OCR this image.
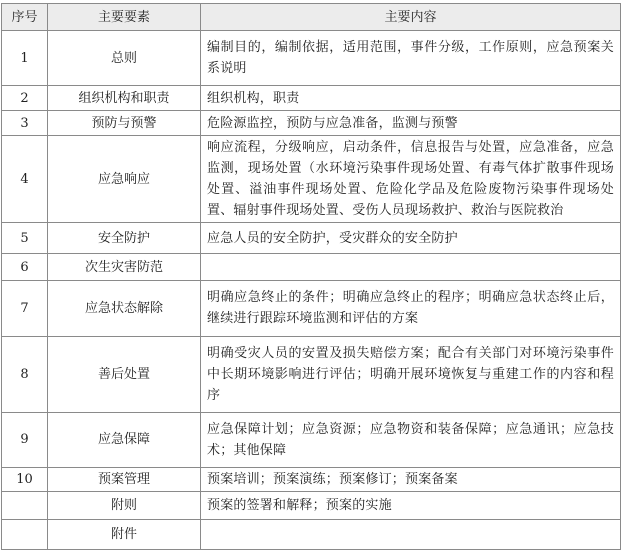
序号	主要要素	主要内容
1	总则	编制目的，编制依据，适用范围，事件分级，工作原则，应急预案关系说明
2	组织机构和职责	组织机构，职责
3	预防与预警	危险源监控，预防与应急准备，监测与预警
4	应急响应	响应流程，分级响应，启动条件，信息报告与处置，应急准备，应急监测，现场处置（水环境污染事件现场处置、有毒气体扩散事件现场处置、溢油事件现场处置、危险化学品及危险废物污染事件现场处置、辐射事件现场处置、受伤人员现场救护、救治与医院救治
5	安全防护	应急人员的安全防护，受灾群众的安全防护
6	次生灾害防范	
7	应急状态解除	明确应急终止的条件；明确应急终止的程序；明确应急状态终止后，继续进行跟踪环境监测和评估的方案
8	善后处置	明确受灾人员的安置及损失赔偿方案；配合有关部门对环境污染事件中长期环境影响进行评估；明确开展环境恢复与重建工作的内容和程序
9	应急保障	应急保障计划；应急资源；应急物资和装备保障；应急通讯；应急技术；其他保障
10	预案管理	预案培训；预案演练；预案修订；预案备案
	附则	预案的签署和解释；预案的实施
	附件	
